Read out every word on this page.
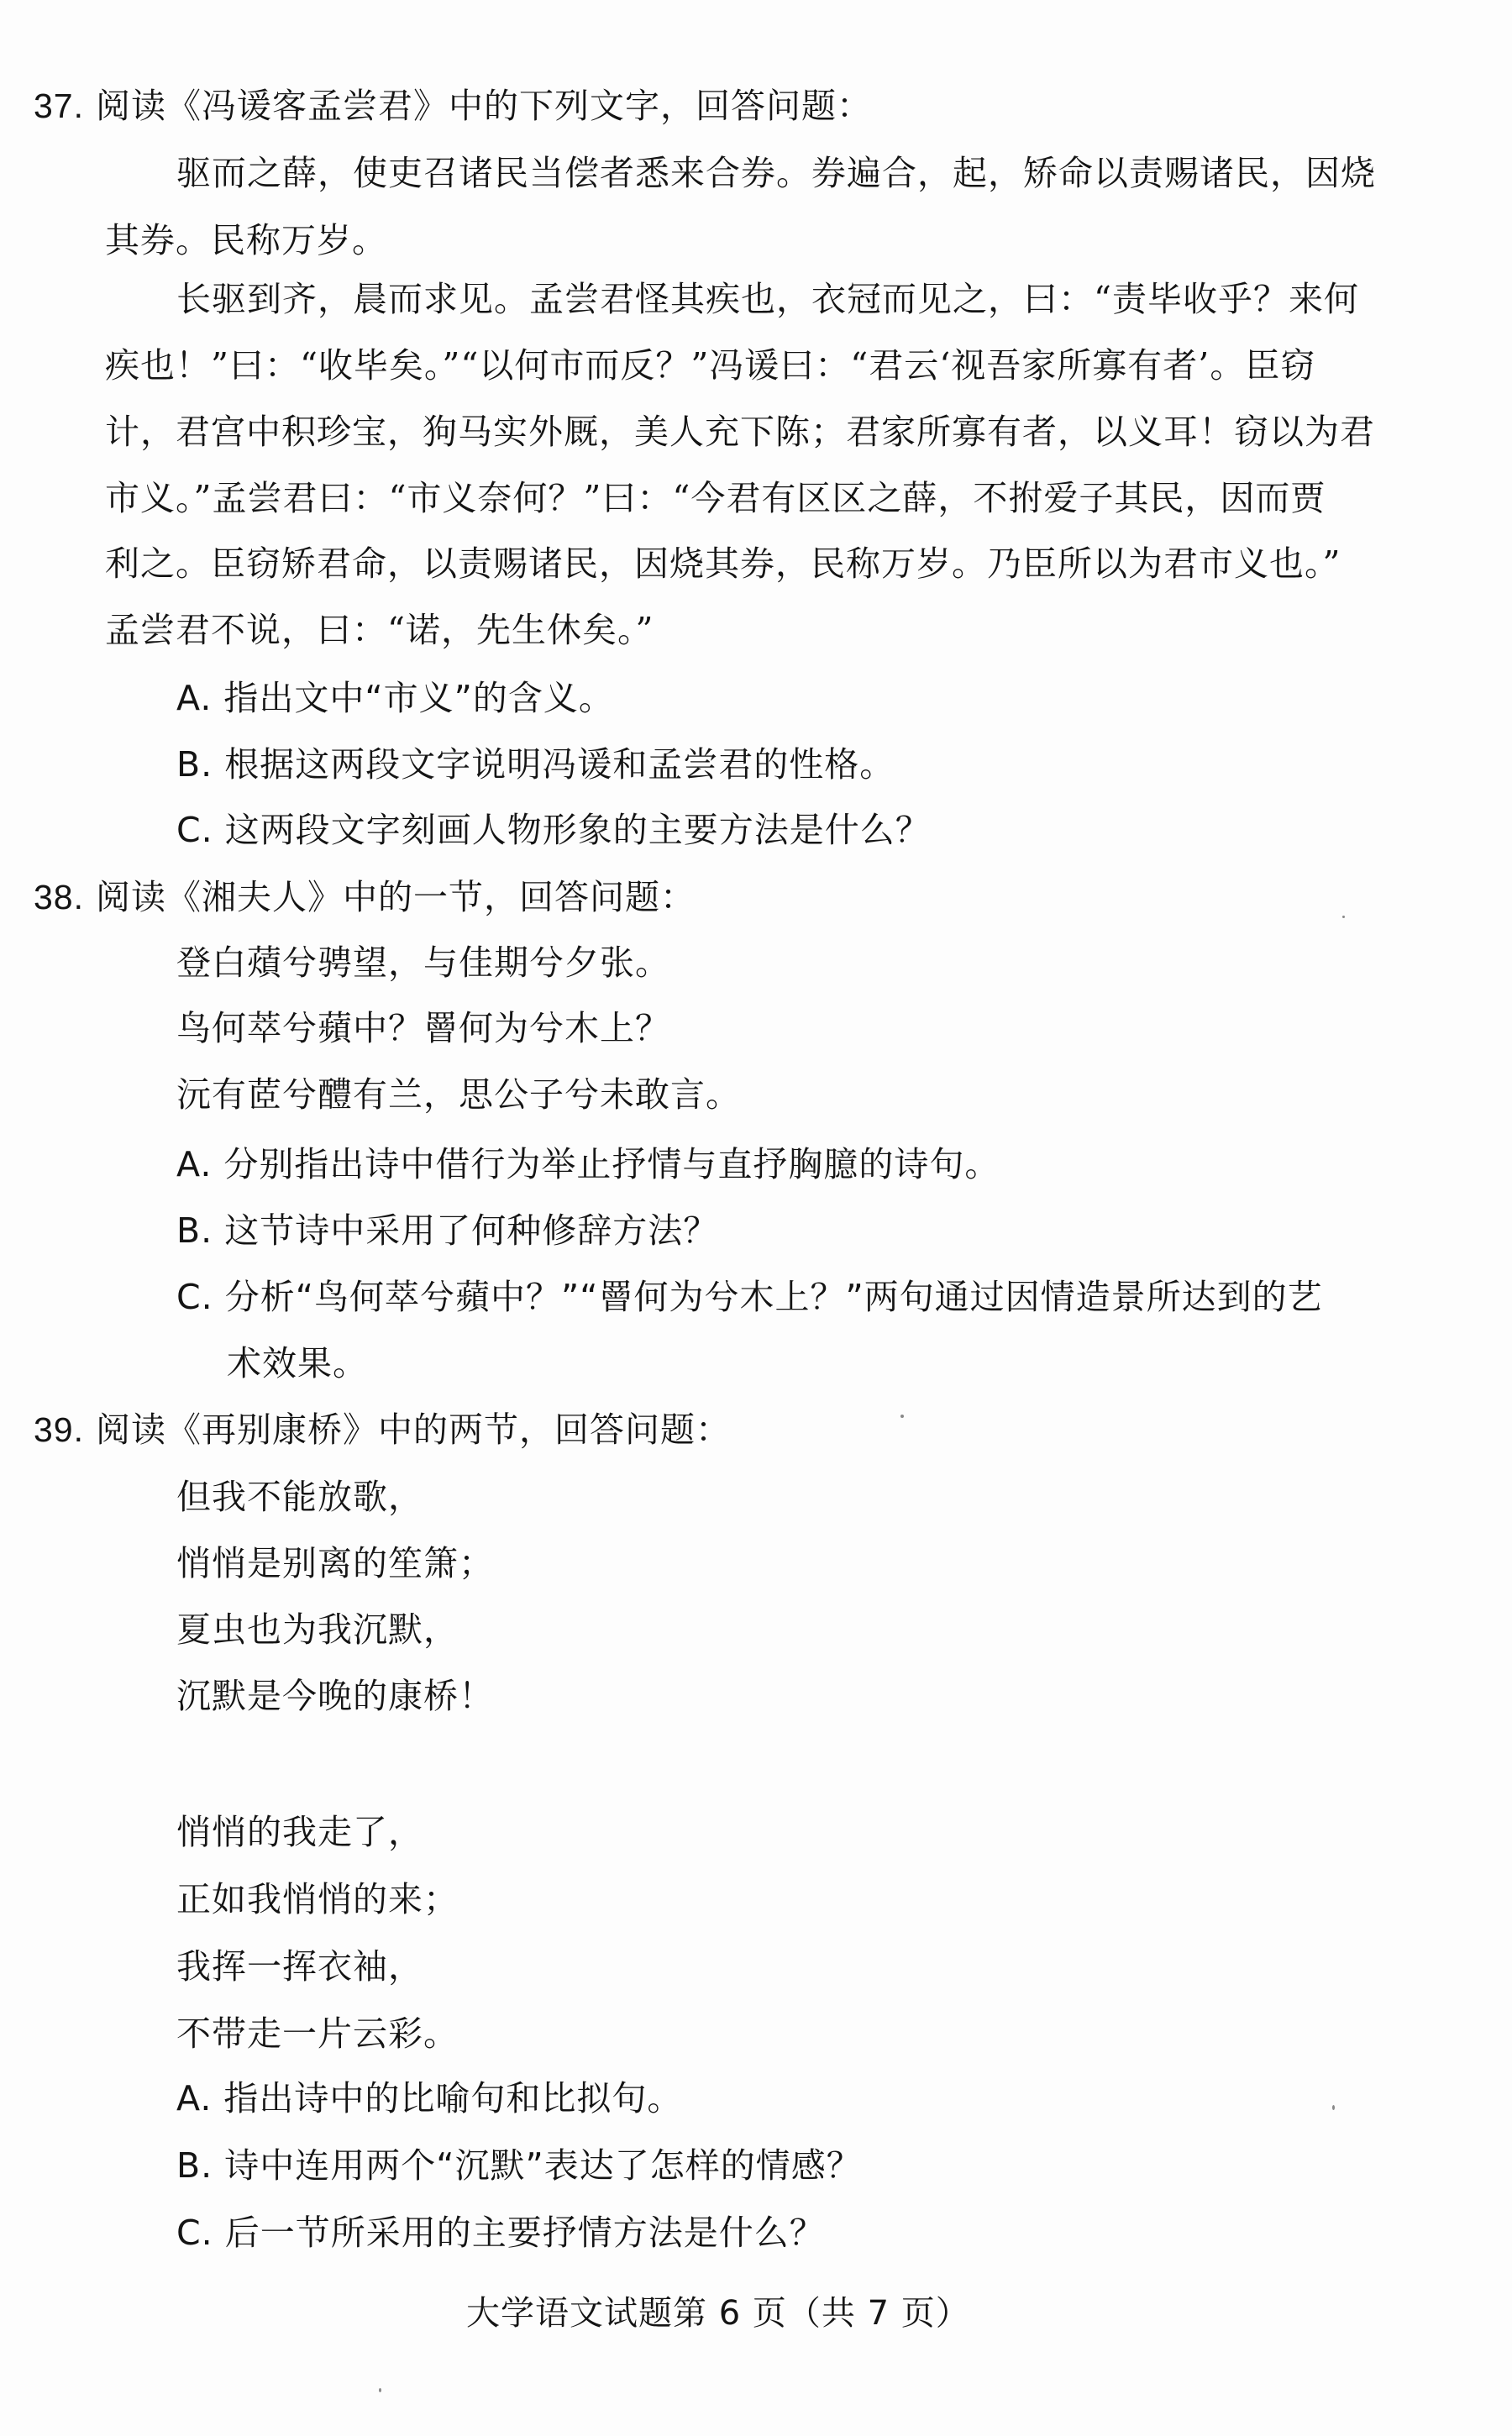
37. 阅读《冯谖客孟尝君》中的下列文字，回答问题：
驱而之薛，使吏召诸民当偿者悉来合券。券遍合，起，矫命以责赐诸民，因烧
其券。民称万岁。
长驱到齐，晨而求见。孟尝君怪其疾也，衣冠而见之，曰：“责毕收乎？来何
疾也！”曰：“收毕矣。”“以何市而反？”冯谖曰：“君云‘视吾家所寡有者’。臣窃
计，君宫中积珍宝，狗马实外厩，美人充下陈；君家所寡有者，以义耳！窃以为君
市义。”孟尝君曰：“市义奈何？”曰：“今君有区区之薛，不拊爱子其民，因而贾
利之。臣窃矫君命，以责赐诸民，因烧其券，民称万岁。乃臣所以为君市义也。”
孟尝君不说，曰：“诺，先生休矣。”
A. 指出文中“市义”的含义。
B. 根据这两段文字说明冯谖和孟尝君的性格。
C. 这两段文字刻画人物形象的主要方法是什么？
38. 阅读《湘夫人》中的一节，回答问题：
登白薠兮骋望，与佳期兮夕张。
鸟何萃兮蘋中？罾何为兮木上？
沅有茝兮醴有兰，思公子兮未敢言。
A. 分别指出诗中借行为举止抒情与直抒胸臆的诗句。
B. 这节诗中采用了何种修辞方法？
C. 分析“鸟何萃兮蘋中？”“罾何为兮木上？”两句通过因情造景所达到的艺
术效果。
39. 阅读《再别康桥》中的两节，回答问题：
但我不能放歌，
悄悄是别离的笙箫；
夏虫也为我沉默，
沉默是今晚的康桥！
悄悄的我走了，
正如我悄悄的来；
我挥一挥衣袖，
不带走一片云彩。
A. 指出诗中的比喻句和比拟句。
B. 诗中连用两个“沉默”表达了怎样的情感？
C. 后一节所采用的主要抒情方法是什么？
大学语文试题第 6 页（共 7 页）
